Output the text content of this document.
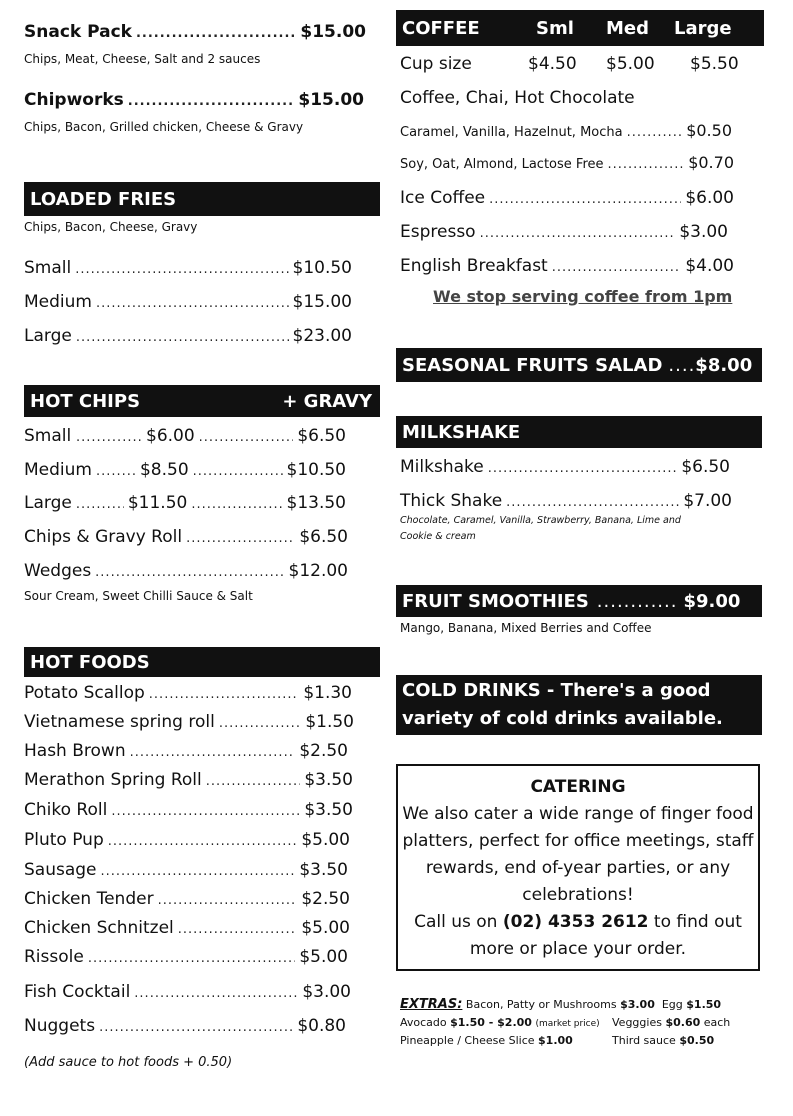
Snack Pack .....	$15.00
Chips, Meat, Cheese, Salt and 2 sauces
Chipworks .....	$15.00
Chips, Bacon, Grilled chicken, Cheese & Gravy
LOADED FRIES
Chips, Bacon, Cheese, Gravy
Small .....	$10.50
Medium .....	$15.00
Large .....	$23.00
HOT CHIPS	+ GRAVY
Small .....	$6.00 .....	$6.50
Medium .....	$8.50 .....	$10.50
Large .....	$11.50 .....	$13.50
Chips & Gravy Roll .....	$6.50
Wedges .....	$12.00
Sour Cream, Sweet Chilli Sauce & Salt
HOT FOODS
Potato Scallop .....	$1.30
Vietnamese spring roll .....	$1.50
Hash Brown .....	$2.50
Merathon Spring Roll .....	$3.50
Chiko Roll .....	$3.50
Pluto Pup .....	$5.00
Sausage .....	$3.50
Chicken Tender .....	$2.50
Chicken Schnitzel .....	$5.00
Rissole .....	$5.00
Fish Cocktail .....	$3.00
Nuggets .....	$0.80
(Add sauce to hot foods + 0.50)
COFFEE	Sml Med Large
Cup size	$4.50 $5.00 $5.50
Coffee, Chai, Hot Chocolate
Caramel, Vanilla, Hazelnut, Mocha .....	$0.50
Soy, Oat, Almond, Lactose Free .....	$0.70
Ice Coffee .....	$6.00
Espresso .....	$3.00
English Breakfast .....	$4.00
We stop serving coffee from 1pm
SEASONAL FRUITS SALAD .... $8.00
MILKSHAKE
Milkshake .....	$6.50
Thick Shake .....	$7.00
Chocolate, Caramel, Vanilla, Strawberry, Banana, Lime and
Cookie & cream
FRUIT SMOOTHIES ............ $9.00
Mango, Banana, Mixed Berries and Coffee
COLD DRINKS - There's a good
variety of cold drinks available.
CATERING
We also cater a wide range of finger food
platters, perfect for office meetings, staff
rewards, end of-year parties, or any
celebrations!
Call us on (02) 4353 2612 to find out
more or place your order.
EXTRAS: Bacon, Patty or Mushrooms $3.00 Egg $1.50
Avocado $1.50 - $2.00 (market price) Vegggies $0.60 each
Pineapple / Cheese Slice $1.00	Third sauce $0.50
